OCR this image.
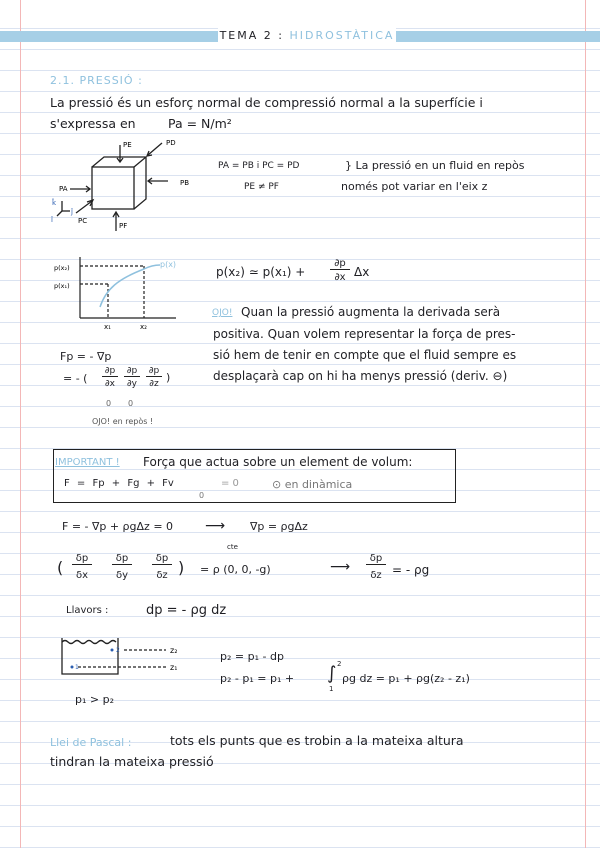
TEMA 2 : HIDROSTÀTICA
2.1. PRESSIÓ :
La pressió és un esforç normal de compressió normal a la superfície i
s'expressa en	Pa = N/m²
PE	PD
PA
PB
PC
PF
k̂
ĵ
î
PA = PB i PC = PD
PE ≠ PF
} La pressió en un fluid en repòs
només pot variar en l'eix z
p(x)
p(x₂)
p(x₁)
x₁	x₂
p(x₂) ≃ p(x₁) +
∂p
∂x Δx
OJO! Quan la pressió augmenta la derivada serà
positiva. Quan volem representar la força de pres-
sió hem de tenir en compte que el fluid sempre es
desplaçarà cap on hi ha menys pressió (deriv. ⊖)
Fp = - ∇p
= - (
∂p
∂x
∂p
∂y
∂p
∂z )
0 0
OJO! en repòs !
IMPORTANT ! Força que actua sobre un element de volum:
F = Fp + Fg + Fv	= 0
0
⊙ en dinàmica
F = - ∇p + ρgΔz = 0 ⟶ ∇p = ρgΔz
cte
(	δp
δx
δp
δy
δp
δz ) = ρ (0, 0, -g)	⟶
δp
δz = - ρg
Llavors :	dp = - ρg dz
2
1
z₂
z₁
p₁ > p₂
p₂ = p₁ - dp
p₂ - p₁ = p₁ + ∫ 2
1
ρg dz = p₁ + ρg(z₂ - z₁)
Llei de Pascal :	tots els punts que es trobin a la mateixa altura
tindran la mateixa pressió
